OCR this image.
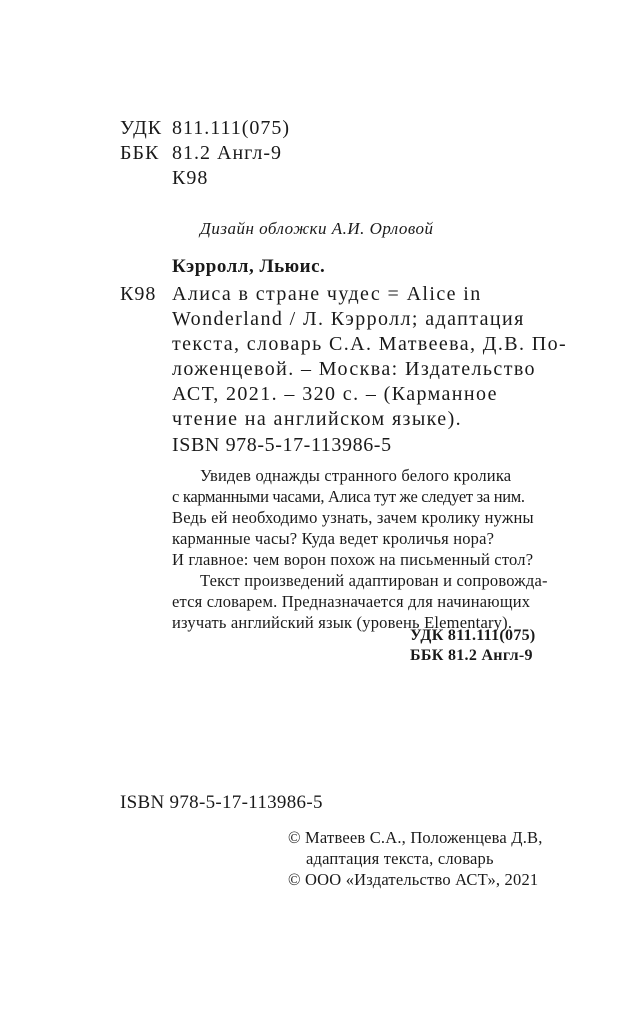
УДК 811.111(075)
ББК 81.2 Англ-9
К98
Дизайн обложки А.И. Орловой
Кэрролл, Льюис.
К98 Алиса в стране чудес = Alice in
Wonderland / Л. Кэрролл; адаптация
текста, словарь С.А. Матвеева, Д.В. По-
ложенцевой. – Москва: Издательство
АСТ, 2021. – 320 с. – (Карманное
чтение на английском языке).
ISBN 978-5-17-113986-5
Увидев однажды странного белого кролика
с карманными часами, Алиса тут же следует за ним.
Ведь ей необходимо узнать, зачем кролику нужны
карманные часы? Куда ведет кроличья нора?
И главное: чем ворон похож на письменный стол?
Текст произведений адаптирован и сопровожда-
ется словарем. Предназначается для начинающих
изучать английский язык (уровень Elementary).
УДК 811.111(075)
ББК 81.2 Англ-9
ISBN 978-5-17-113986-5
© Матвеев С.А., Положенцева Д.В,
адаптация текста, словарь
© ООО «Издательство АСТ», 2021
